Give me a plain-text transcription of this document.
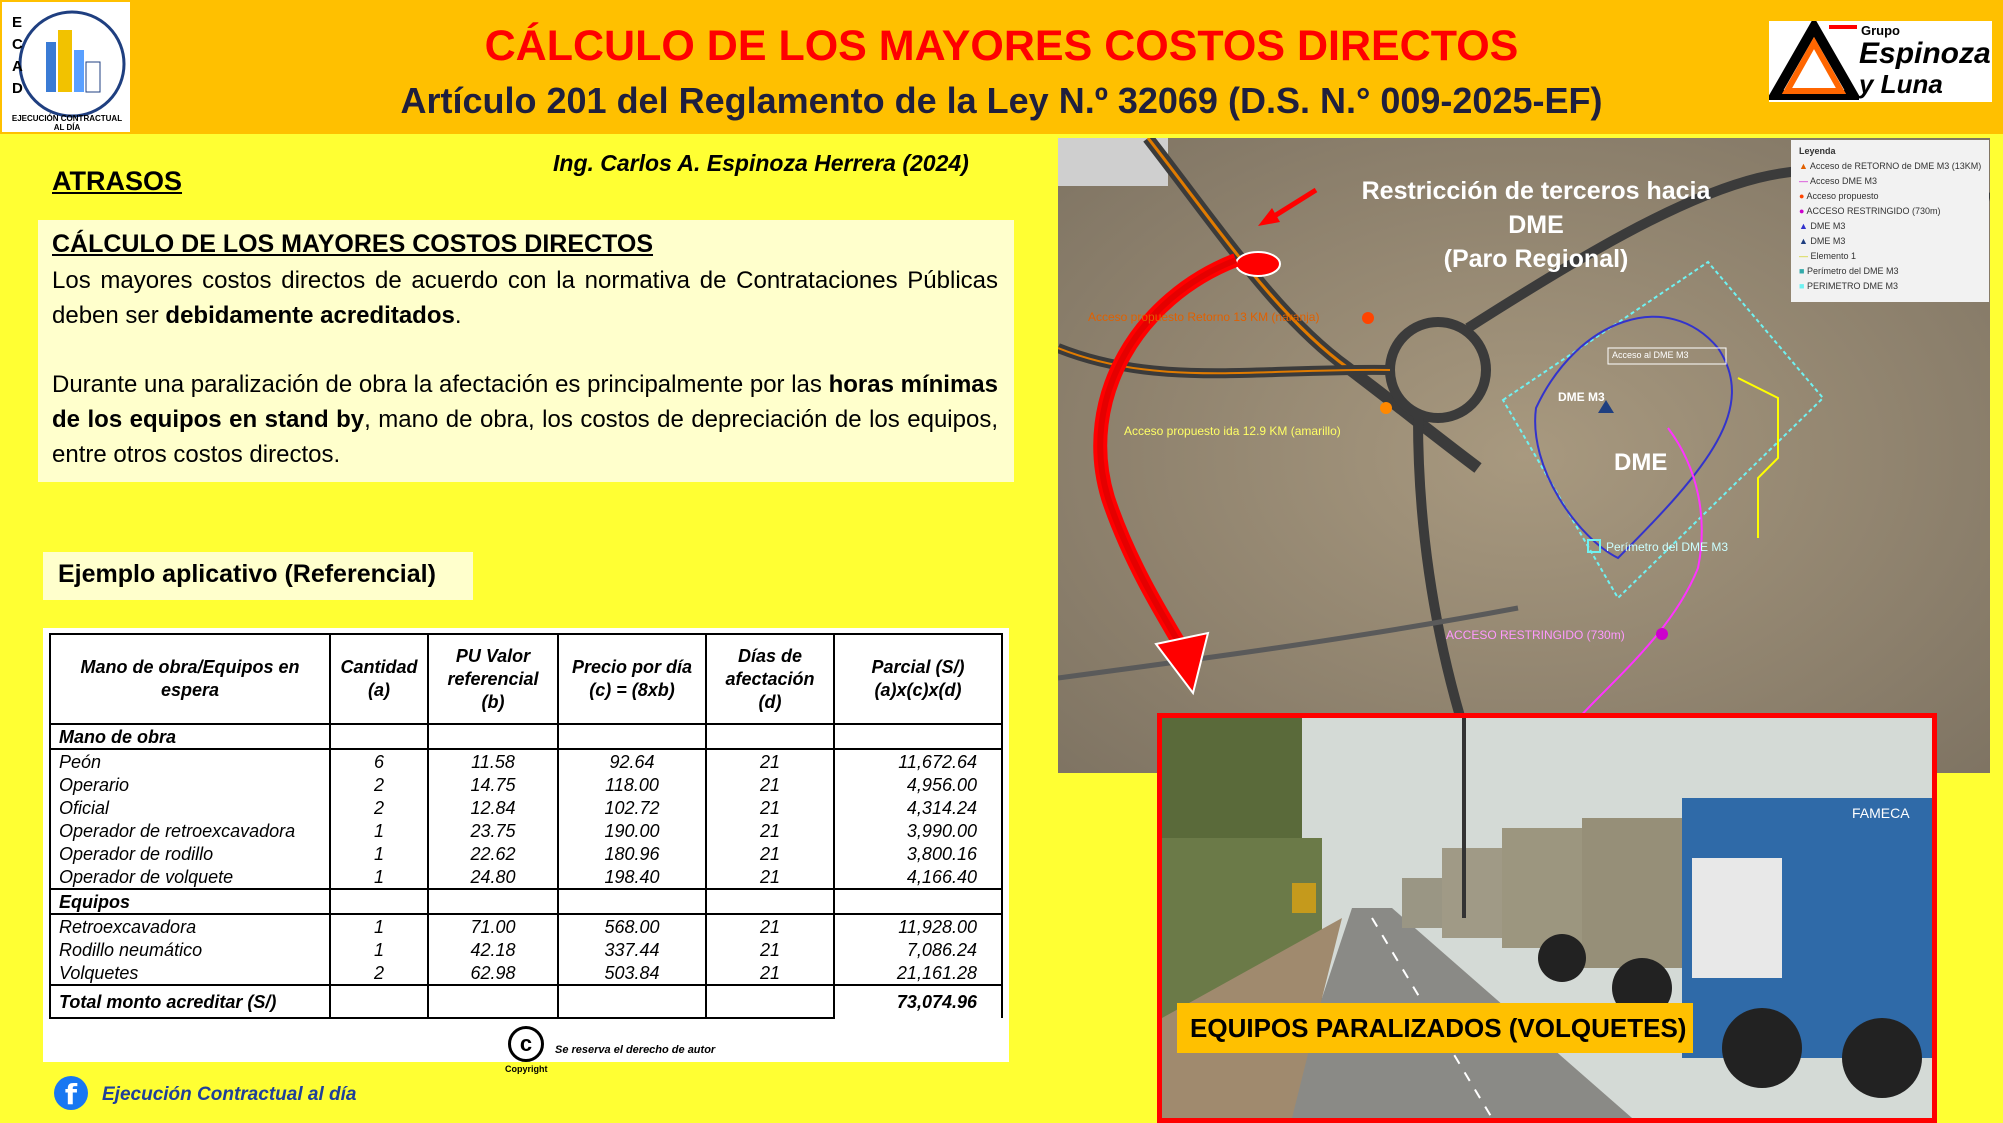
E
C
A
D
EJECUCIÓN CONTRACTUAL AL DÍA
CÁLCULO DE LOS MAYORES COSTOS DIRECTOS
Artículo 201 del Reglamento de la Ley N.º 32069 (D.S. N.° 009-2025-EF)
Grupo
Espinoza
y Luna
ATRASOS
Ing. Carlos A. Espinoza Herrera (2024)
CÁLCULO DE LOS MAYORES COSTOS DIRECTOS
Los mayores costos directos de acuerdo con la normativa de Contrataciones Públicas deben ser debidamente acreditados.
Durante una paralización de obra la afectación es principalmente por las horas mínimas de los equipos en stand by, mano de obra, los costos de depreciación de los equipos, entre otros costos directos.
Ejemplo aplicativo (Referencial)
Mano de obra/Equipos en espera	Cantidad (a)	PU Valor referencial (b)	Precio por día (c) = (8xb)	Días de afectación (d)	Parcial (S/) (a)x(c)x(d)
Mano de obra					
Peón	6	11.58	92.64	21	11,672.64
Operario	2	14.75	118.00	21	4,956.00
Oficial	2	12.84	102.72	21	4,314.24
Operador de retroexcavadora	1	23.75	190.00	21	3,990.00
Operador de rodillo	1	22.62	180.96	21	3,800.16
Operador de volquete	1	24.80	198.40	21	4,166.40
Equipos					
Retroexcavadora	1	71.00	568.00	21	11,928.00
Rodillo neumático	1	42.18	337.44	21	7,086.24
Volquetes	2	62.98	503.84	21	21,161.28
Total monto acreditar (S/)					73,074.96
c
Copyright
Se reserva el derecho de autor
f	Ejecución Contractual al día
Acceso propuesto Retorno 13 KM (naranja)
Acceso propuesto ida 12.9 KM (amarillo)
DME M3
Acceso al DME M3
Perímetro del DME M3
ACCESO RESTRINGIDO (730m)
Restricción de terceros hacia
DME
(Paro Regional)
DME
Leyenda
▲ Acceso de RETORNO de DME M3 (13KM)
― Acceso DME M3
● Acceso propuesto
● ACCESO RESTRINGIDO (730m)
▲ DME M3
▲ DME M3
― Elemento 1
■ Perímetro del DME M3
■ PERIMETRO DME M3
FAMECA
EQUIPOS PARALIZADOS (VOLQUETES)
